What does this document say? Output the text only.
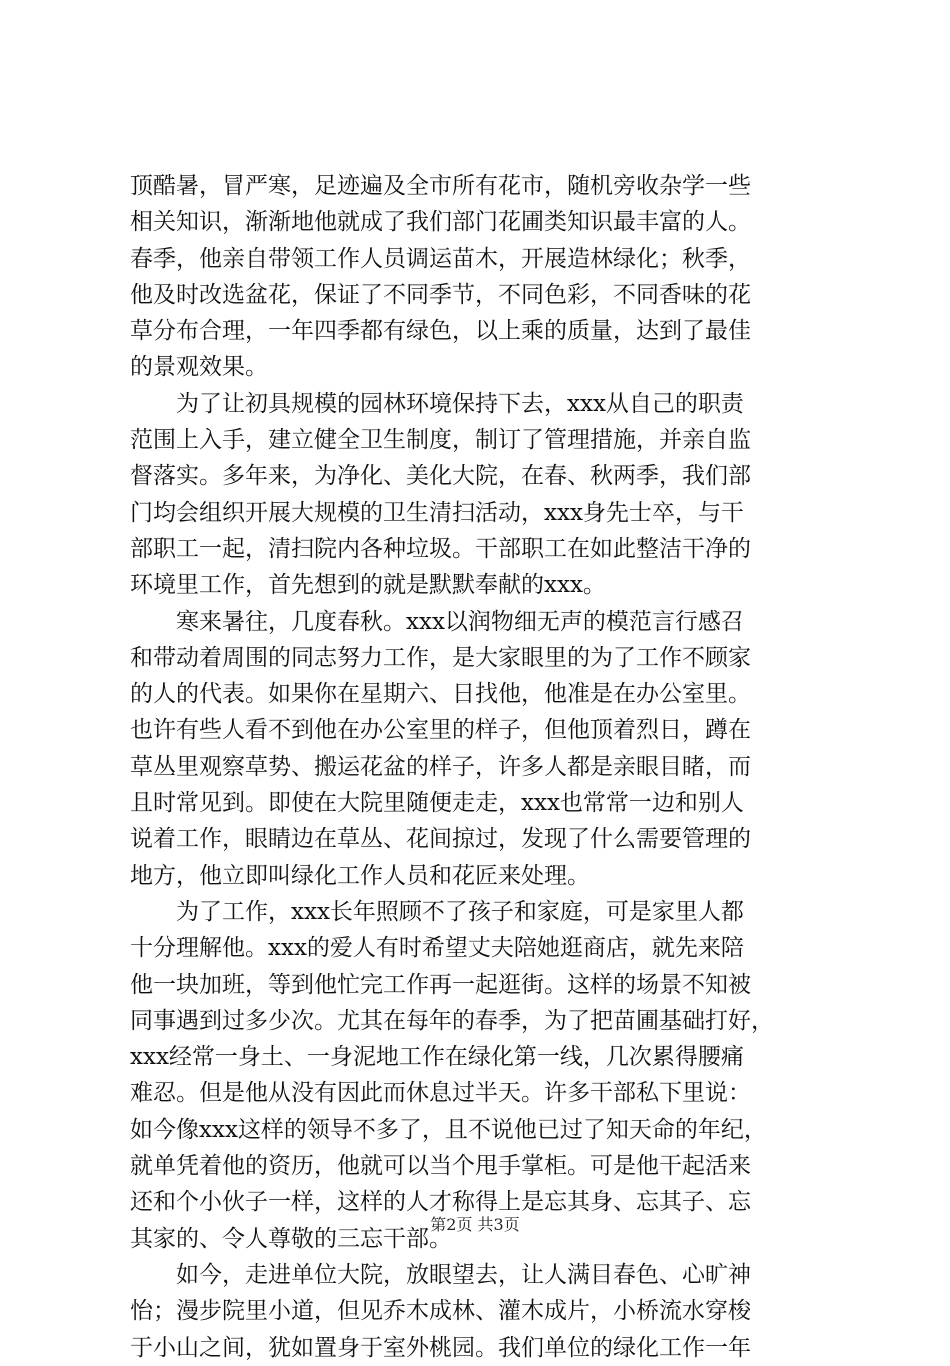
顶酷暑，冒严寒，足迹遍及全市所有花市，随机旁收杂学一些
相关知识，渐渐地他就成了我们部门花圃类知识最丰富的人。
春季，他亲自带领工作人员调运苗木，开展造林绿化；秋季，
他及时改选盆花，保证了不同季节，不同色彩，不同香味的花
草分布合理，一年四季都有绿色，以上乘的质量，达到了最佳
的景观效果。
　　为了让初具规模的园林环境保持下去，xxx从自己的职责
范围上入手，建立健全卫生制度，制订了管理措施，并亲自监
督落实。多年来，为净化、美化大院，在春、秋两季，我们部
门均会组织开展大规模的卫生清扫活动，xxx身先士卒，与干
部职工一起，清扫院内各种垃圾。干部职工在如此整洁干净的
环境里工作，首先想到的就是默默奉献的xxx。
　　寒来暑往，几度春秋。xxx以润物细无声的模范言行感召
和带动着周围的同志努力工作，是大家眼里的为了工作不顾家
的人的代表。如果你在星期六、日找他，他准是在办公室里。
也许有些人看不到他在办公室里的样子，但他顶着烈日，蹲在
草丛里观察草势、搬运花盆的样子，许多人都是亲眼目睹，而
且时常见到。即使在大院里随便走走，xxx也常常一边和别人
说着工作，眼睛边在草丛、花间掠过，发现了什么需要管理的
地方，他立即叫绿化工作人员和花匠来处理。
　　为了工作，xxx长年照顾不了孩子和家庭，可是家里人都
十分理解他。xxx的爱人有时希望丈夫陪她逛商店，就先来陪
他一块加班，等到他忙完工作再一起逛街。这样的场景不知被
同事遇到过多少次。尤其在每年的春季，为了把苗圃基础打好，
xxx经常一身土、一身泥地工作在绿化第一线，几次累得腰痛
难忍。但是他从没有因此而休息过半天。许多干部私下里说：
如今像xxx这样的领导不多了，且不说他已过了知天命的年纪，
就单凭着他的资历，他就可以当个甩手掌柜。可是他干起活来
还和个小伙子一样，这样的人才称得上是忘其身、忘其子、忘
其家的、令人尊敬的三忘干部。
　　如今，走进单位大院，放眼望去，让人满目春色、心旷神
怡；漫步院里小道，但见乔木成林、灌木成片，小桥流水穿梭
于小山之间，犹如置身于室外桃园。我们单位的绿化工作一年
第2页 共3页
